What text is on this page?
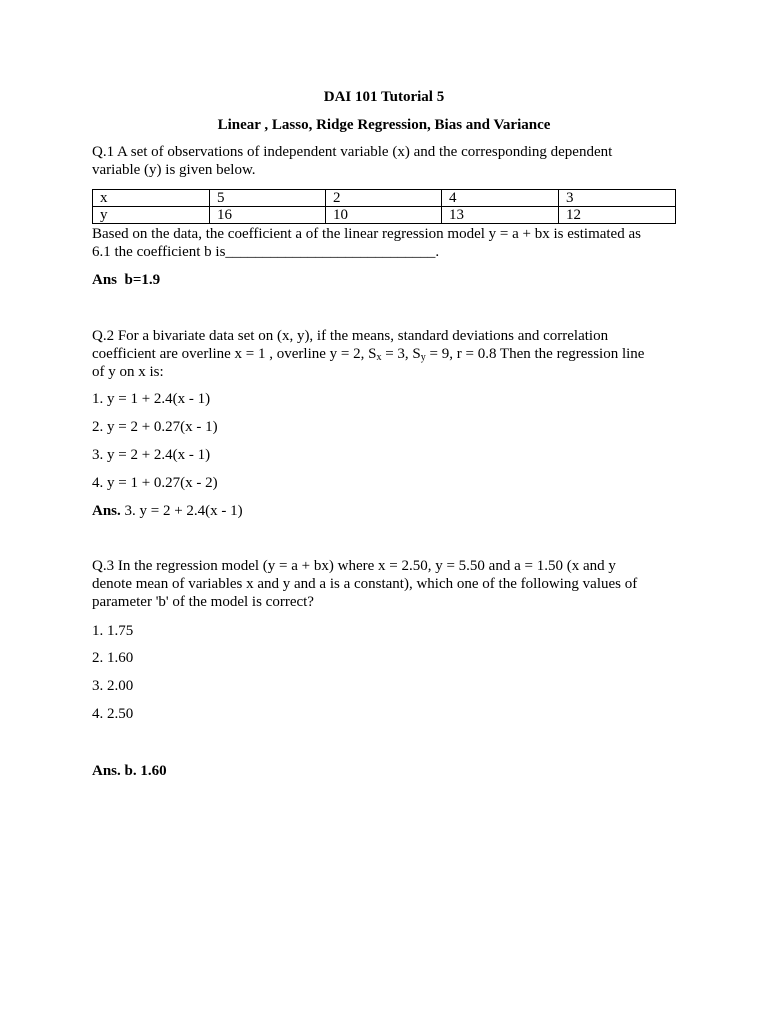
DAI 101 Tutorial 5
Linear , Lasso, Ridge Regression, Bias and Variance
Q.1 A set of observations of independent variable (x) and the corresponding dependent
variable (y) is given below.
x	5	2	4	3
y	16	10	13	12
Based on the data, the coefficient a of the linear regression model y = a + bx is estimated as
6.1 the coefficient b is____________________________.
Ans b=1.9
Q.2 For a bivariate data set on (x, y), if the means, standard deviations and correlation
coefficient are overline x = 1 , overline y = 2, $S_x = 3$, $S_y = 9$, r = 0.8 Then the regression line
of y on x is:
1. y = 1 + 2.4(x - 1)
2. y = 2 + 0.27(x - 1)
3. y = 2 + 2.4(x - 1)
4. y = 1 + 0.27(x - 2)
Ans. 3. y = 2 + 2.4(x - 1)
Q.3 In the regression model (y = a + bx) where x = 2.50, y = 5.50 and a = 1.50 (x and y
denote mean of variables x and y and a is a constant), which one of the following values of
parameter 'b' of the model is correct?
1. 1.75
2. 1.60
3. 2.00
4. 2.50
Ans. b. 1.60
